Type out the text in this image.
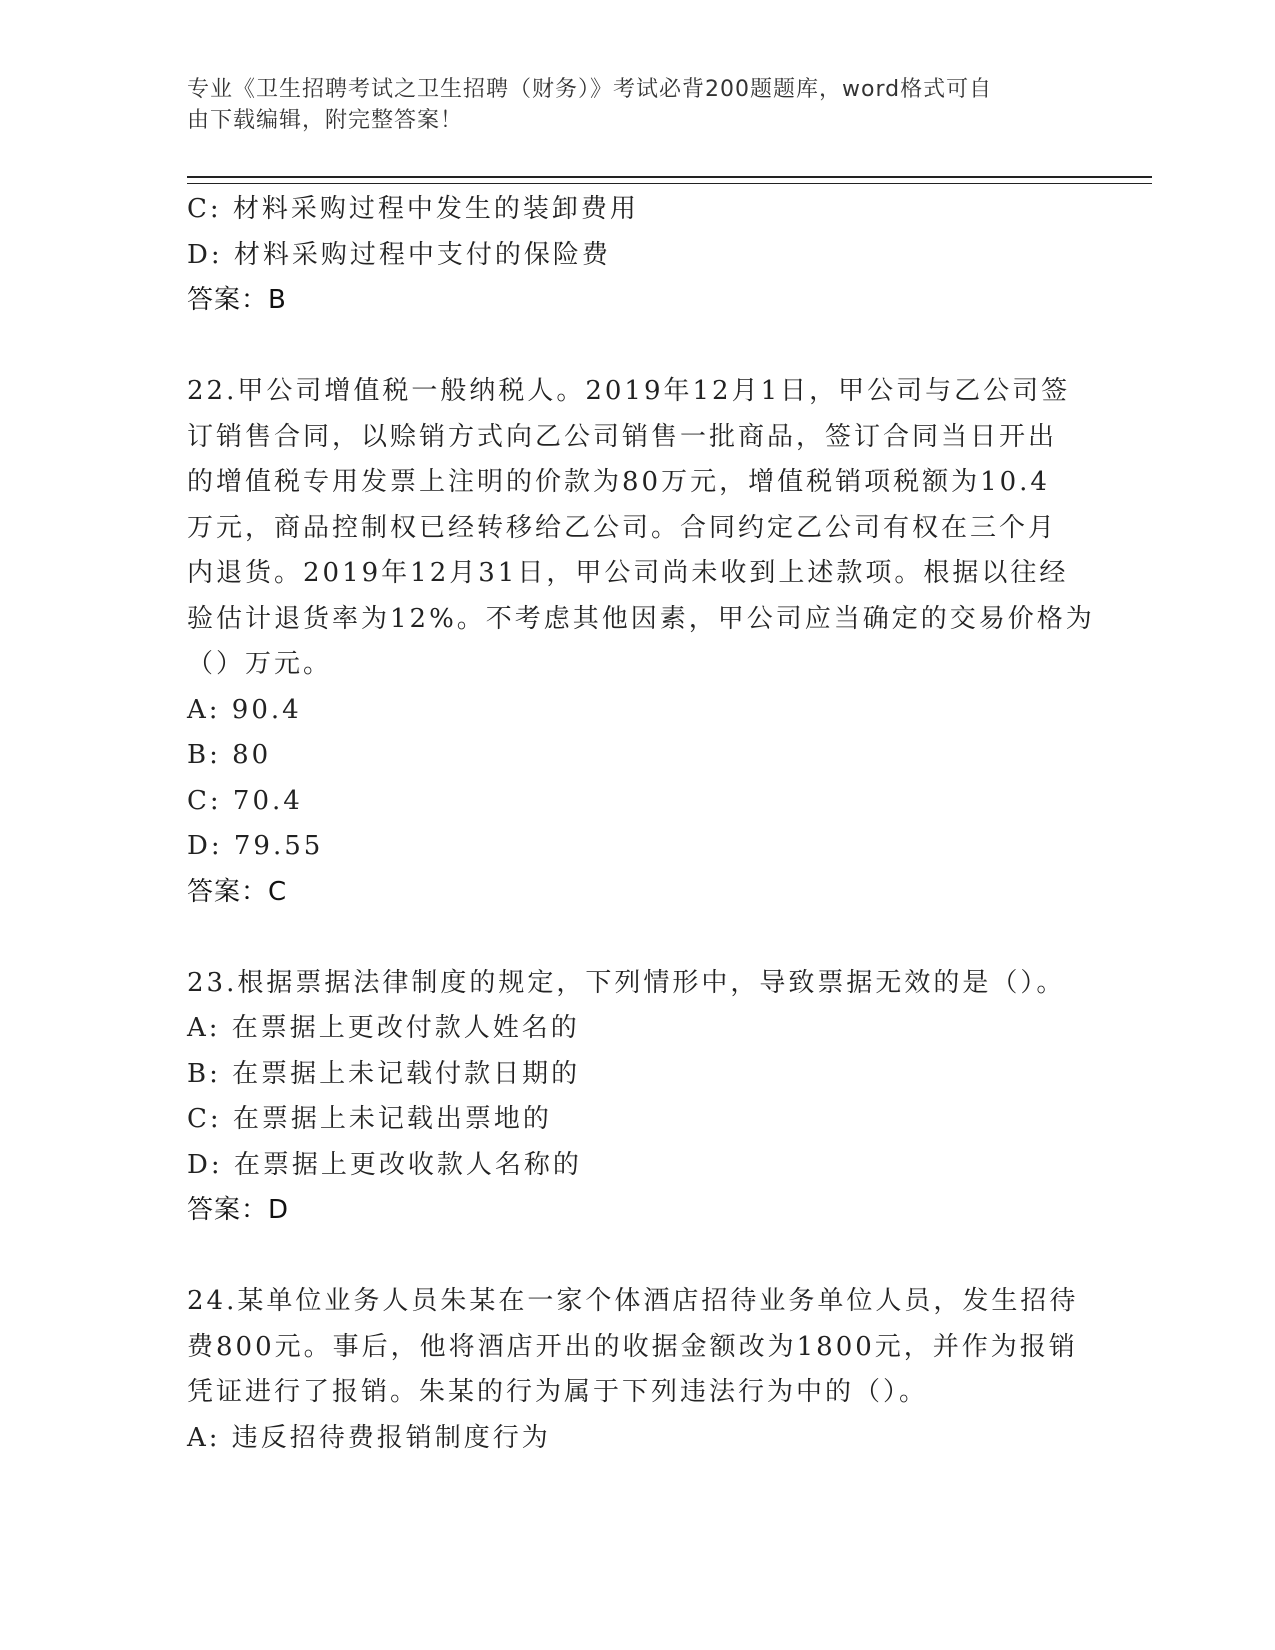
专业《卫生招聘考试之卫生招聘（财务）》考试必背200题题库，word格式可自
由下载编辑，附完整答案！
C: 材料采购过程中发生的装卸费用
D: 材料采购过程中支付的保险费
答案：B
22.甲公司增值税一般纳税人。2019年12月1日，甲公司与乙公司签
订销售合同，以赊销方式向乙公司销售一批商品，签订合同当日开出
的增值税专用发票上注明的价款为80万元，增值税销项税额为10.4
万元，商品控制权已经转移给乙公司。合同约定乙公司有权在三个月
内退货。2019年12月31日，甲公司尚未收到上述款项。根据以往经
验估计退货率为12%。不考虑其他因素，甲公司应当确定的交易价格为
（）万元。
A: 90.4
B: 80
C: 70.4
D: 79.55
答案：C
23.根据票据法律制度的规定，下列情形中，导致票据无效的是（）。
A: 在票据上更改付款人姓名的
B: 在票据上未记载付款日期的
C: 在票据上未记载出票地的
D: 在票据上更改收款人名称的
答案：D
24.某单位业务人员朱某在一家个体酒店招待业务单位人员，发生招待
费800元。事后，他将酒店开出的收据金额改为1800元，并作为报销
凭证进行了报销。朱某的行为属于下列违法行为中的（）。
A: 违反招待费报销制度行为
